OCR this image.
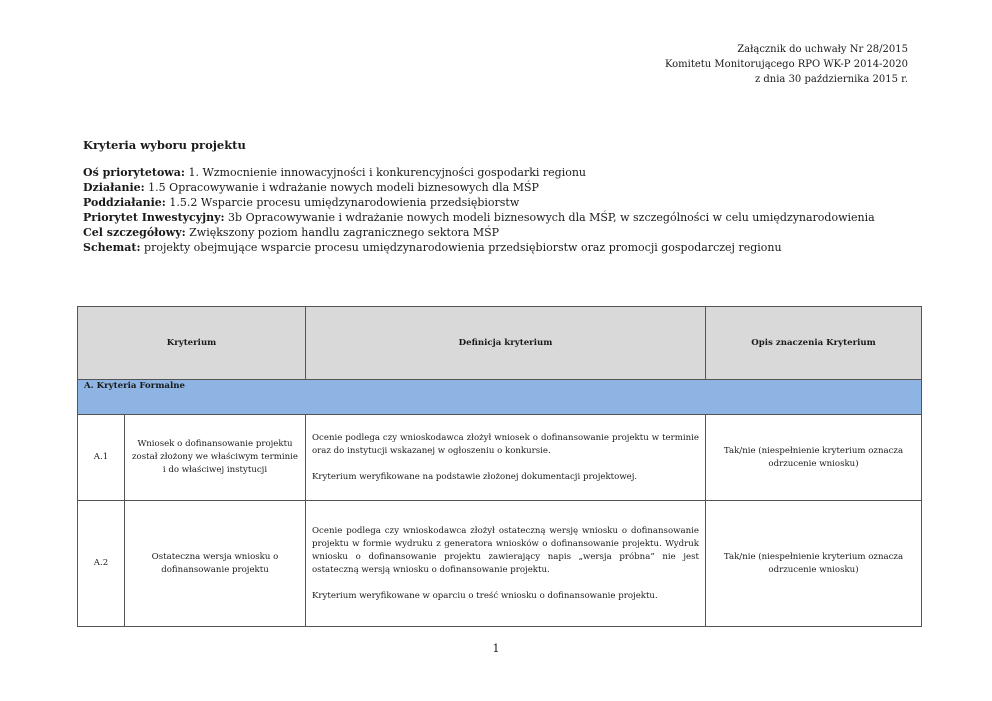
Załącznik do uchwały Nr 28/2015
Komitetu Monitorującego RPO WK-P 2014-2020
z dnia 30 października 2015 r.
Kryteria wyboru projektu
Oś priorytetowa: 1. Wzmocnienie innowacyjności i konkurencyjności gospodarki regionu
Działanie: 1.5 Opracowywanie i wdrażanie nowych modeli biznesowych dla MŚP
Poddziałanie: 1.5.2 Wsparcie procesu umiędzynarodowienia przedsiębiorstw
Priorytet Inwestycyjny: 3b Opracowywanie i wdrażanie nowych modeli biznesowych dla MŚP, w szczególności w celu umiędzynarodowienia
Cel szczegółowy: Zwiększony poziom handlu zagranicznego sektora MŚP
Schemat: projekty obejmujące wsparcie procesu umiędzynarodowienia przedsiębiorstw oraz promocji gospodarczej regionu
Kryterium		Definicja kryterium	Opis znaczenia Kryterium
A. Kryteria Formalne			
A.1	Wniosek o dofinansowanie projektu został złożony we właściwym terminie i do właściwej instytucji	Ocenie podlega czy wnioskodawca złożył wniosek o dofinansowanie projektu w terminie oraz do instytucji wskazanej w ogłoszeniu o konkursie.

Kryterium weryfikowane na podstawie złożonej dokumentacji projektowej.	Tak/nie (niespełnienie kryterium oznacza odrzucenie wniosku)
A.2	Ostateczna wersja wniosku o dofinansowanie projektu	Ocenie podlega czy wnioskodawca złożył ostateczną wersję wniosku o dofinansowanie projektu w formie wydruku z generatora wniosków o dofinansowanie projektu. Wydruk wniosku o dofinansowanie projektu zawierający napis „wersja próbna” nie jest ostateczną wersją wniosku o dofinansowanie projektu.

Kryterium weryfikowane w oparciu o treść wniosku o dofinansowanie projektu.	Tak/nie (niespełnienie kryterium oznacza odrzucenie wniosku)
1
